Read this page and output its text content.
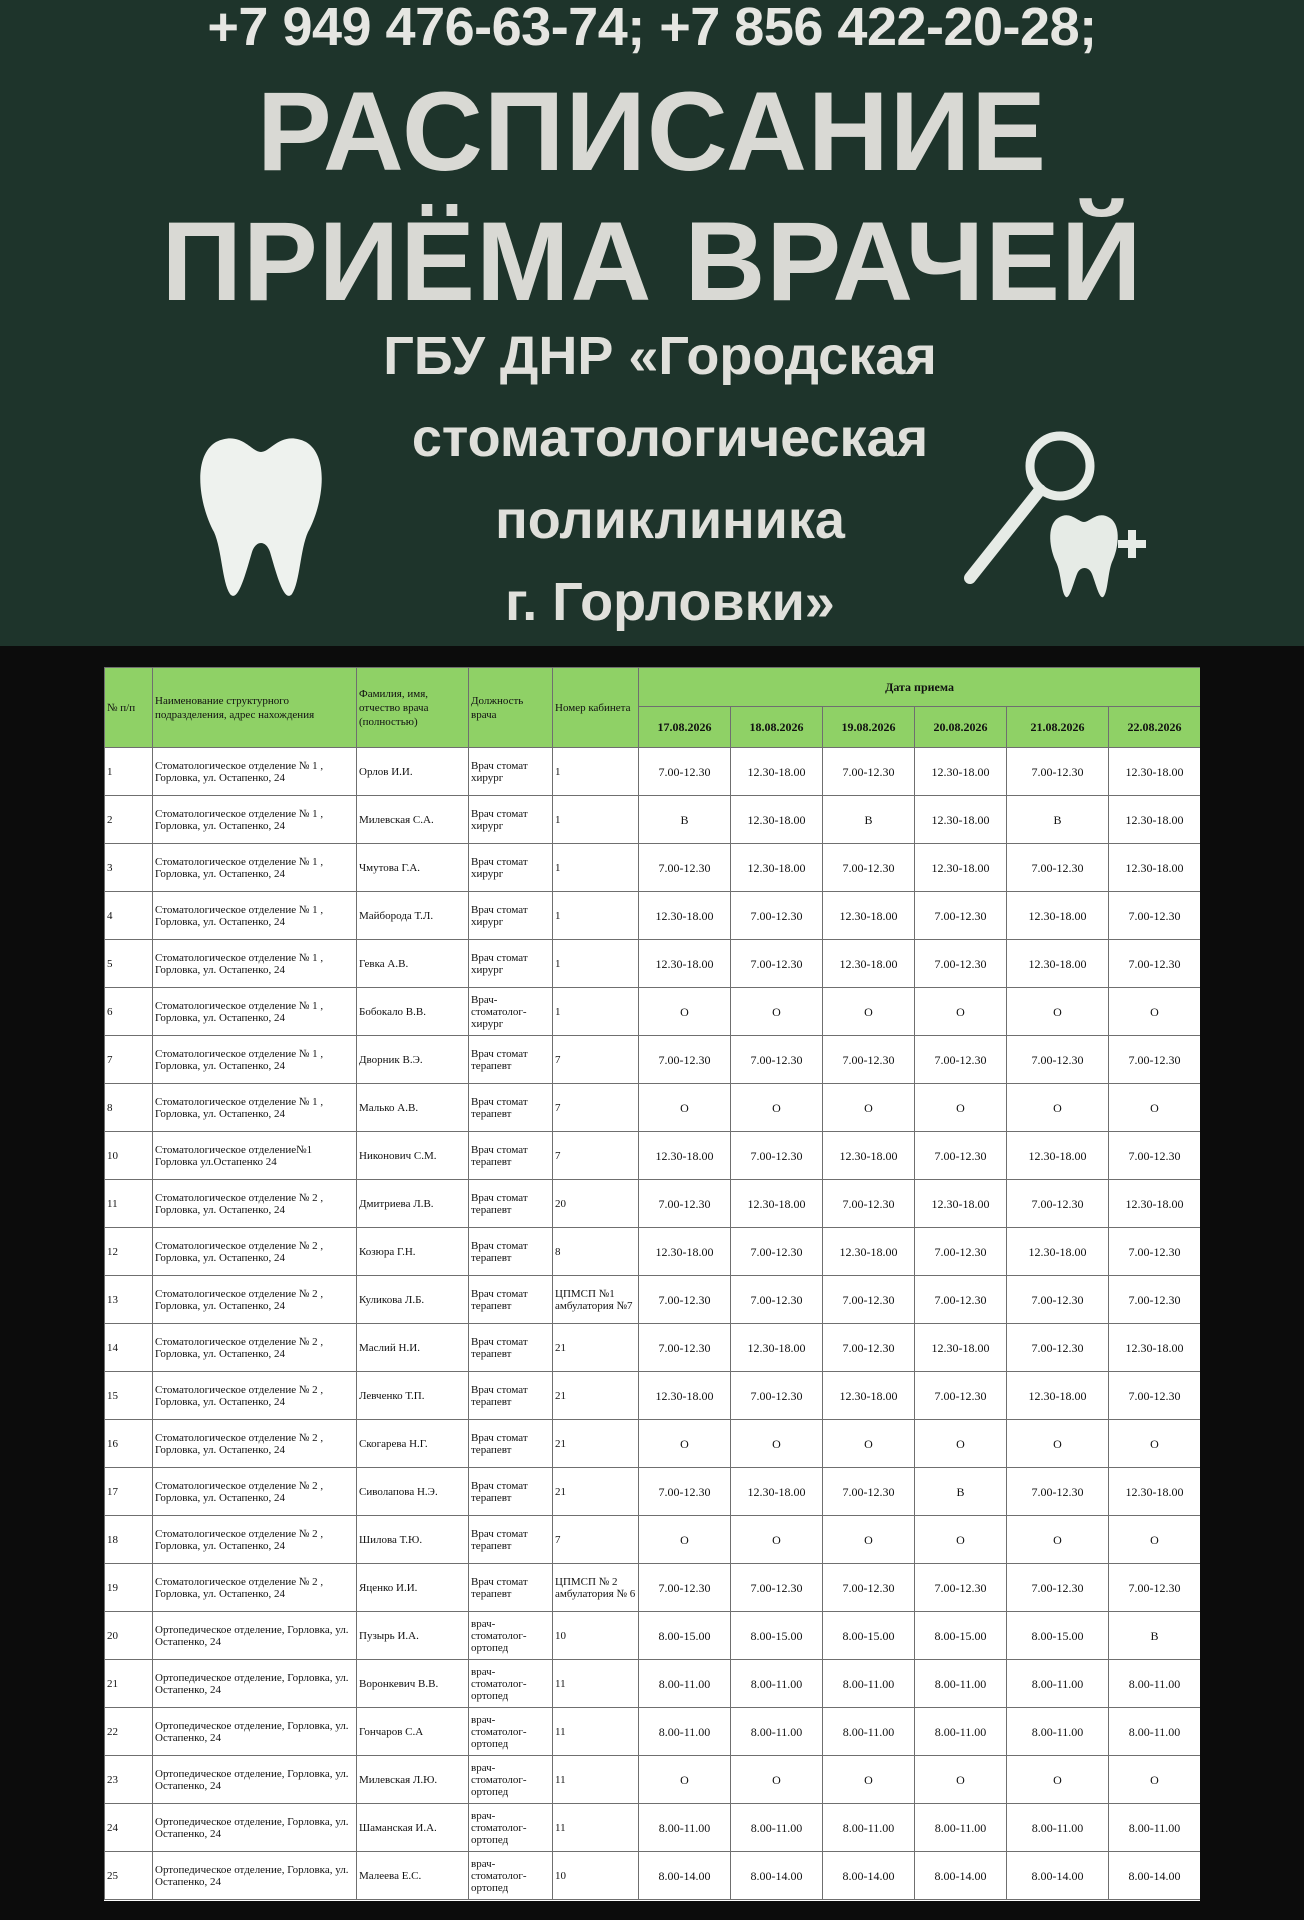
+7 949 476-63-74; +7 856 422-20-28;
РАСПИСАНИЕ
ПРИЁМА ВРАЧЕЙ
ГБУ ДНР «Городская
стоматологическая
поликлиника
г. Горловки»
№ п/п	Наименование структурного подразделения, адрес нахождения	Фамилия, имя, отчество врача (полностью)	Должность врача	Номер кабинета	Дата приема					
					17.08.2026	18.08.2026	19.08.2026	20.08.2026	21.08.2026	22.08.2026
1	Стоматологическое отделение № 1 , Горловка, ул. Остапенко, 24	Орлов И.И.	Врач стомат хирург	1	7.00-12.30	12.30-18.00	7.00-12.30	12.30-18.00	7.00-12.30	12.30-18.00
2	Стоматологическое отделение № 1 , Горловка, ул. Остапенко, 24	Милевская С.А.	Врач стомат хирург	1	В	12.30-18.00	В	12.30-18.00	В	12.30-18.00
3	Стоматологическое отделение № 1 , Горловка, ул. Остапенко, 24	Чмутова Г.А.	Врач стомат хирург	1	7.00-12.30	12.30-18.00	7.00-12.30	12.30-18.00	7.00-12.30	12.30-18.00
4	Стоматологическое отделение № 1 , Горловка, ул. Остапенко, 24	Майборода Т.Л.	Врач стомат хирург	1	12.30-18.00	7.00-12.30	12.30-18.00	7.00-12.30	12.30-18.00	7.00-12.30
5	Стоматологическое отделение № 1 , Горловка, ул. Остапенко, 24	Гевка А.В.	Врач стомат хирург	1	12.30-18.00	7.00-12.30	12.30-18.00	7.00-12.30	12.30-18.00	7.00-12.30
6	Стоматологическое отделение № 1 , Горловка, ул. Остапенко, 24	Бобокало В.В.	Врач-стоматолог-хирург	1	О	О	О	О	О	О
7	Стоматологическое отделение № 1 , Горловка, ул. Остапенко, 24	Дворник В.Э.	Врач стомат терапевт	7	7.00-12.30	7.00-12.30	7.00-12.30	7.00-12.30	7.00-12.30	7.00-12.30
8	Стоматологическое отделение № 1 , Горловка, ул. Остапенко, 24	Малько А.В.	Врач стомат терапевт	7	О	О	О	О	О	О
10	Стоматологическое отделение№1 Горловка ул.Остапенко 24	Никонович С.М.	Врач стомат терапевт	7	12.30-18.00	7.00-12.30	12.30-18.00	7.00-12.30	12.30-18.00	7.00-12.30
11	Стоматологическое отделение № 2 , Горловка, ул. Остапенко, 24	Дмитриева Л.В.	Врач стомат терапевт	20	7.00-12.30	12.30-18.00	7.00-12.30	12.30-18.00	7.00-12.30	12.30-18.00
12	Стоматологическое отделение № 2 , Горловка, ул. Остапенко, 24	Козюра Г.Н.	Врач стомат терапевт	8	12.30-18.00	7.00-12.30	12.30-18.00	7.00-12.30	12.30-18.00	7.00-12.30
13	Стоматологическое отделение № 2 , Горловка, ул. Остапенко, 24	Куликова Л.Б.	Врач стомат терапевт	ЦПМСП №1 амбулатория №7	7.00-12.30	7.00-12.30	7.00-12.30	7.00-12.30	7.00-12.30	7.00-12.30
14	Стоматологическое отделение № 2 , Горловка, ул. Остапенко, 24	Маслий Н.И.	Врач стомат терапевт	21	7.00-12.30	12.30-18.00	7.00-12.30	12.30-18.00	7.00-12.30	12.30-18.00
15	Стоматологическое отделение № 2 , Горловка, ул. Остапенко, 24	Левченко Т.П.	Врач стомат терапевт	21	12.30-18.00	7.00-12.30	12.30-18.00	7.00-12.30	12.30-18.00	7.00-12.30
16	Стоматологическое отделение № 2 , Горловка, ул. Остапенко, 24	Скогарева Н.Г.	Врач стомат терапевт	21	О	О	О	О	О	О
17	Стоматологическое отделение № 2 , Горловка, ул. Остапенко, 24	Сиволапова Н.Э.	Врач стомат терапевт	21	7.00-12.30	12.30-18.00	7.00-12.30	В	7.00-12.30	12.30-18.00
18	Стоматологическое отделение № 2 , Горловка, ул. Остапенко, 24	Шилова Т.Ю.	Врач стомат терапевт	7	О	О	О	О	О	О
19	Стоматологическое отделение № 2 , Горловка, ул. Остапенко, 24	Яценко И.И.	Врач стомат терапевт	ЦПМСП № 2 амбулатория № 6	7.00-12.30	7.00-12.30	7.00-12.30	7.00-12.30	7.00-12.30	7.00-12.30
20	Ортопедическое отделение, Горловка, ул. Остапенко, 24	Пузырь И.А.	врач-стоматолог-ортопед	10	8.00-15.00	8.00-15.00	8.00-15.00	8.00-15.00	8.00-15.00	В
21	Ортопедическое отделение, Горловка, ул. Остапенко, 24	Воронкевич В.В.	врач-стоматолог-ортопед	11	8.00-11.00	8.00-11.00	8.00-11.00	8.00-11.00	8.00-11.00	8.00-11.00
22	Ортопедическое отделение, Горловка, ул. Остапенко, 24	Гончаров С.А	врач-стоматолог-ортопед	11	8.00-11.00	8.00-11.00	8.00-11.00	8.00-11.00	8.00-11.00	8.00-11.00
23	Ортопедическое отделение, Горловка, ул. Остапенко, 24	Милевская Л.Ю.	врач-стоматолог-ортопед	11	О	О	О	О	О	О
24	Ортопедическое отделение, Горловка, ул. Остапенко, 24	Шаманская И.А.	врач-стоматолог-ортопед	11	8.00-11.00	8.00-11.00	8.00-11.00	8.00-11.00	8.00-11.00	8.00-11.00
25	Ортопедическое отделение, Горловка, ул. Остапенко, 24	Малеева Е.С.	врач-стоматолог-ортопед	10	8.00-14.00	8.00-14.00	8.00-14.00	8.00-14.00	8.00-14.00	8.00-14.00
